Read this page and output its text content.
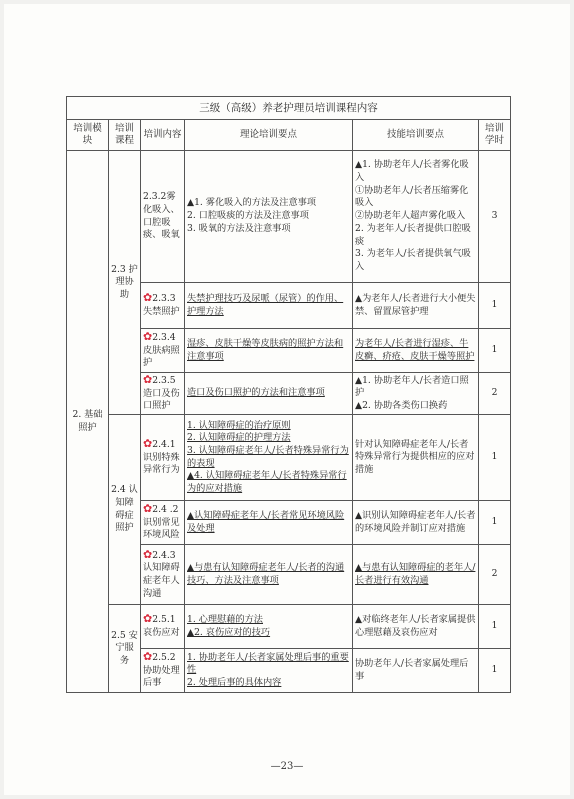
三级（高级）养老护理员培训课程内容					
培训模块	培训课程	培训内容	理论培训要点	技能培训要点	培训学时
2. 基础照护	2.3 护理协助	2.3.2雾化吸入、口腔吸痰、吸氧	▲1. 雾化吸入的方法及注意事项
2. 口腔吸痰的方法及注意事项
3. 吸氧的方法及注意事项	▲1. 协助老年人/长者雾化吸入
①协助老年人/长者压缩雾化吸入
②协助老年人超声雾化吸入
2. 为老年人/长者提供口腔吸痰
3. 为老年人/长者提供氧气吸入	3
		✿2.3.3 失禁照护	失禁护理技巧及尿哌（尿管）的作用、护理方法	▲为老年人/长者进行大小便失禁、留置尿管护理	1
		✿2.3.4 皮肤病照护	湿疹、皮肤干燥等皮肤病的照护方法和注意事项	为老年人/长者进行湿疹、牛皮癣、疥疮、皮肤干燥等照护	1
		✿2.3.5 造口及伤口照护	造口及伤口照护的方法和注意事项	▲1. 协助老年人/长者造口照护
▲2. 协助各类伤口换药	2
	2.4 认知障碍症照护	✿2.4.1 识别特殊异常行为	1. 认知障碍症的治疗原则
2. 认知障碍症的护理方法
3. 认知障碍症老年人/长者特殊异常行为的表现
▲4. 认知障碍症老年人/长者特殊异常行为的应对措施	针对认知障碍症老年人/长者特殊异常行为提供相应的应对措施	1
		✿2.4 .2 识别常见环境风险	▲认知障碍症老年人/长者常见环境风险及处理	▲识别认知障碍症老年人/长者的环境风险并制订应对措施	1
		✿2.4.3 认知障碍症老年人沟通	▲与患有认知障碍症老年人/长者的沟通技巧、方法及注意事项	▲与患有认知障碍症的老年人/长者进行有效沟通	2
	2.5 安宁服务	✿2.5.1 哀伤应对	1. 心理慰藉的方法
▲2. 哀伤应对的技巧	▲对临终老年人/长者家属提供心理慰藉及哀伤应对	1
		✿2.5.2 协助处理后事	1. 协助老年人/长者家属处理后事的重要性
2. 处理后事的具体内容	协助老年人/长者家属处理后事	1
—23—
